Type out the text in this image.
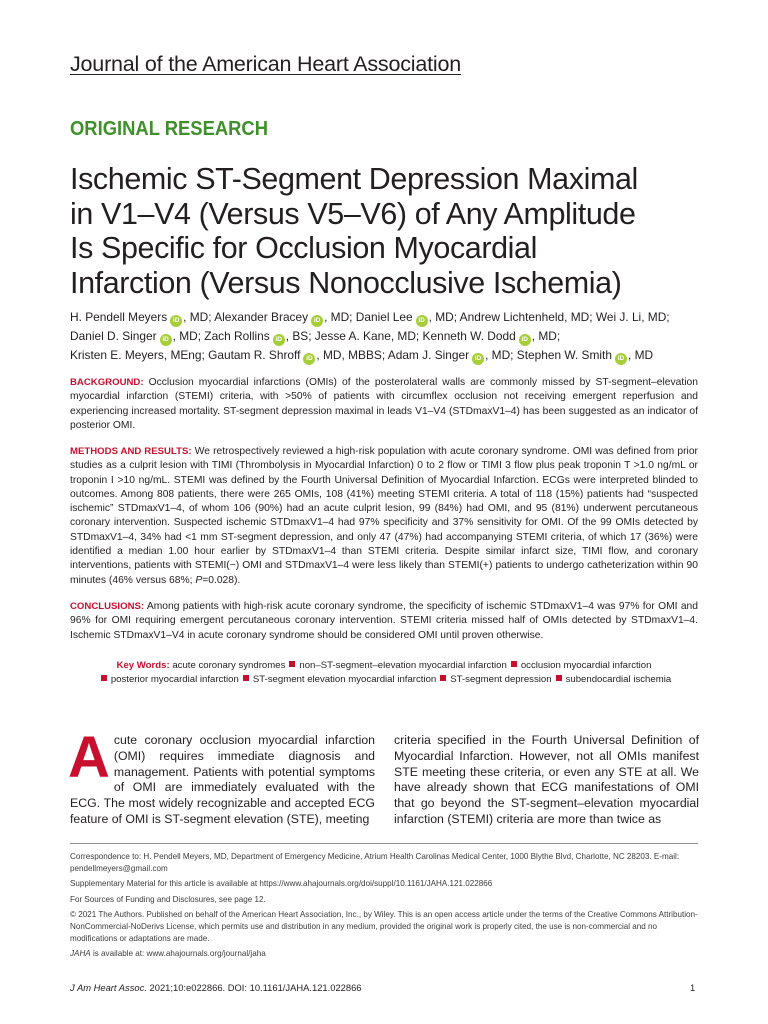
Journal of the American Heart Association
ORIGINAL RESEARCH
Ischemic ST-Segment Depression Maximal
in V1–V4 (Versus V5–V6) of Any Amplitude
Is Specific for Occlusion Myocardial
Infarction (Versus Nonocclusive Ischemia)
H. Pendell Meyers iD , MD; Alexander Bracey iD , MD; Daniel Lee iD , MD; Andrew Lichtenheld, MD; Wei J. Li, MD;
Daniel D. Singer iD , MD; Zach Rollins iD , BS; Jesse A. Kane, MD; Kenneth W. Dodd iD , MD;
Kristen E. Meyers, MEng; Gautam R. Shroff iD , MD, MBBS; Adam J. Singer iD , MD; Stephen W. Smith iD , MD
BACKGROUND: Occlusion myocardial infarctions (OMIs) of the posterolateral walls are commonly missed by ST-segment–elevation myocardial infarction (STEMI) criteria, with >50% of patients with circumflex occlusion not receiving emergent reperfusion and experiencing increased mortality. ST-segment depression maximal in leads V1–V4 (STDmaxV1–4) has been suggested as an indicator of posterior OMI.
METHODS AND RESULTS: We retrospectively reviewed a high-risk population with acute coronary syndrome. OMI was defined from prior studies as a culprit lesion with TIMI (Thrombolysis in Myocardial Infarction) 0 to 2 flow or TIMI 3 flow plus peak troponin T >1.0 ng/mL or troponin I >10 ng/mL. STEMI was defined by the Fourth Universal Definition of Myocardial Infarction. ECGs were interpreted blinded to outcomes. Among 808 patients, there were 265 OMIs, 108 (41%) meeting STEMI criteria. A total of 118 (15%) patients had “suspected ischemic” STDmaxV1–4, of whom 106 (90%) had an acute culprit lesion, 99 (84%) had OMI, and 95 (81%) underwent percutaneous coronary intervention. Suspected ischemic STDmaxV1–4 had 97% specificity and 37% sensitivity for OMI. Of the 99 OMIs detected by STDmaxV1–4, 34% had <1 mm ST-segment depression, and only 47 (47%) had accompanying STEMI criteria, of which 17 (36%) were identified a median 1.00 hour earlier by STDmaxV1–4 than STEMI criteria. Despite similar infarct size, TIMI flow, and coronary interventions, patients with STEMI(−) OMI and STDmaxV1–4 were less likely than STEMI(+) patients to undergo catheterization within 90 minutes (46% versus 68%; P=0.028).
CONCLUSIONS: Among patients with high-risk acute coronary syndrome, the specificity of ischemic STDmaxV1–4 was 97% for OMI and 96% for OMI requiring emergent percutaneous coronary intervention. STEMI criteria missed half of OMIs detected by STDmaxV1–4. Ischemic STDmaxV1–V4 in acute coronary syndrome should be considered OMI until proven otherwise.
Key Words: acute coronary syndromes non–ST-segment–elevation myocardial infarction occlusion myocardial infarction
posterior myocardial infarction ST-segment elevation myocardial infarction ST-segment depression subendocardial ischemia
Acute coronary occlusion myocardial infarction (OMI) requires immediate diagnosis and management. Patients with potential symptoms of OMI are immediately evaluated with the ECG. The most widely recognizable and accepted ECG feature of OMI is ST-segment elevation (STE), meeting
criteria specified in the Fourth Universal Definition of Myocardial Infarction. However, not all OMIs manifest STE meeting these criteria, or even any STE at all. We have already shown that ECG manifestations of OMI that go beyond the ST-segment–elevation myocardial infarction (STEMI) criteria are more than twice as

Correspondence to: H. Pendell Meyers, MD, Department of Emergency Medicine, Atrium Health Carolinas Medical Center, 1000 Blythe Blvd, Charlotte, NC 28203. E-mail: pendellmeyers@gmail.com

Supplementary Material for this article is available at https://www.ahajournals.org/doi/suppl/10.1161/JAHA.121.022866

For Sources of Funding and Disclosures, see page 12.

© 2021 The Authors. Published on behalf of the American Heart Association, Inc., by Wiley. This is an open access article under the terms of the Creative Commons Attribution-NonCommercial-NoDerivs License, which permits use and distribution in any medium, provided the original work is properly cited, the use is non-commercial and no modifications or adaptations are made.

JAHA is available at: www.ahajournals.org/journal/jaha

J Am Heart Assoc. 2021;10:e022866. DOI: 10.1161/JAHA.121.022866	1
